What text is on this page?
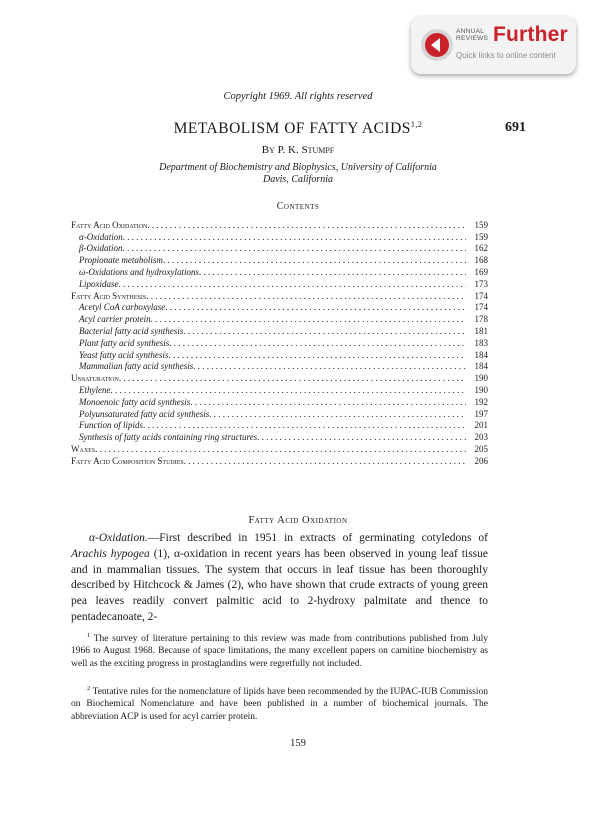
ANNUAL
REVIEWS Further
Quick links to online content
Copyright 1969. All rights reserved
METABOLISM OF FATTY ACIDS$^{1,2}$	691
By P. K. Stumpf
Department of Biochemistry and Biophysics, University of California
Davis, California
Contents
Fatty Acid Oxidation . . .	159
α-Oxidation . . .	159
β-Oxidation . . .	162
Propionate metabolism . . .	168
ω-Oxidations and hydroxylations . . .	169
Lipoxidase . . .	173
Fatty Acid Synthesis . . .	174
Acetyl CoA carboxylase . . .	174
Acyl carrier protein . . .	178
Bacterial fatty acid synthesis . . .	181
Plant fatty acid synthesis . . .	183
Yeast fatty acid synthesis . . .	184
Mammalian fatty acid synthesis . . .	184
Unsaturation . . .	190
Ethylene . . .	190
Monoenoic fatty acid synthesis . . .	192
Polyunsaturated fatty acid synthesis . . .	197
Function of lipids . . .	201
Synthesis of fatty acids containing ring structures . . .	203
Waxes . . .	205
Fatty Acid Composition Studies . . .	206
Fatty Acid Oxidation

α-Oxidation.—First described in 1951 in extracts of germinating cotyledons of Arachis hypogea (1), α-oxidation in recent years has been observed in young leaf tissue and in mammalian tissues. The system that occurs in leaf tissue has been thoroughly described by Hitchcock & James (2), who have shown that crude extracts of young green pea leaves readily convert palmitic acid to 2-hydroxy palmitate and thence to pentadecanoate, 2-

$^1$ The survey of literature pertaining to this review was made from contributions published from July 1966 to August 1968. Because of space limitations, the many excellent papers on carnitine biochemistry as well as the exciting progress in prostaglandins were regretfully not included.

$^2$ Tentative rules for the nomenclature of lipids have been recommended by the IUPAC-IUB Commission on Biochemical Nomenclature and have been published in a number of biochemical journals. The abbreviation ACP is used for acyl carrier protein.

159
